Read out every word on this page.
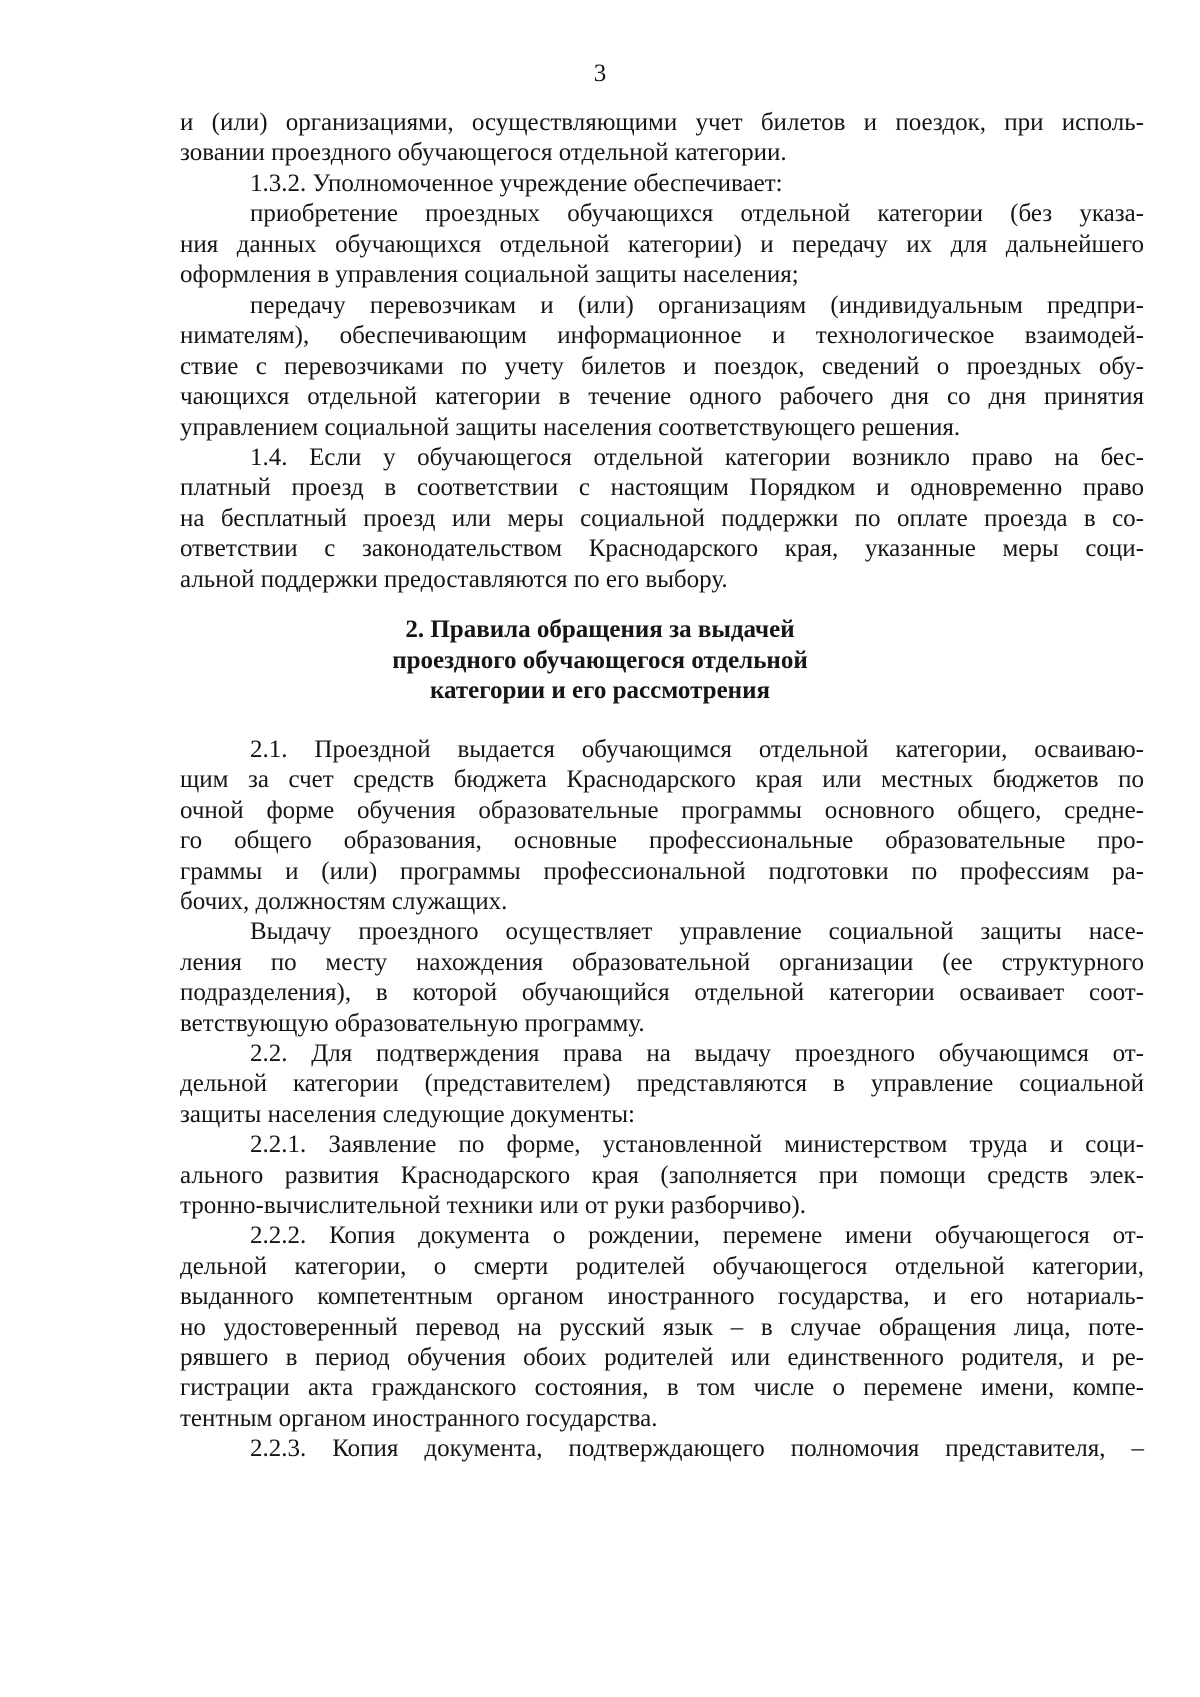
3
и (или) организациями, осуществляющими учет билетов и поездок, при исполь-
зовании проездного обучающегося отдельной категории.
1.3.2. Уполномоченное учреждение обеспечивает:
приобретение проездных обучающихся отдельной категории (без указа-
ния данных обучающихся отдельной категории) и передачу их для дальнейшего
оформления в управления социальной защиты населения;
передачу перевозчикам и (или) организациям (индивидуальным предпри-
нимателям), обеспечивающим информационное и технологическое взаимодей-
ствие с перевозчиками по учету билетов и поездок, сведений о проездных обу-
чающихся отдельной категории в течение одного рабочего дня со дня принятия
управлением социальной защиты населения соответствующего решения.
1.4. Если у обучающегося отдельной категории возникло право на бес-
платный проезд в соответствии с настоящим Порядком и одновременно право
на бесплатный проезд или меры социальной поддержки по оплате проезда в со-
ответствии с законодательством Краснодарского края, указанные меры соци-
альной поддержки предоставляются по его выбору.
2. Правила обращения за выдачей
проездного обучающегося отдельной
категории и его рассмотрения
2.1. Проездной выдается обучающимся отдельной категории, осваиваю-
щим за счет средств бюджета Краснодарского края или местных бюджетов по
очной форме обучения образовательные программы основного общего, средне-
го общего образования, основные профессиональные образовательные про-
граммы и (или) программы профессиональной подготовки по профессиям ра-
бочих, должностям служащих.
Выдачу проездного осуществляет управление социальной защиты насе-
ления по месту нахождения образовательной организации (ее структурного
подразделения), в которой обучающийся отдельной категории осваивает соот-
ветствующую образовательную программу.
2.2. Для подтверждения права на выдачу проездного обучающимся от-
дельной категории (представителем) представляются в управление социальной
защиты населения следующие документы:
2.2.1. Заявление по форме, установленной министерством труда и соци-
ального развития Краснодарского края (заполняется при помощи средств элек-
тронно-вычислительной техники или от руки разборчиво).
2.2.2. Копия документа о рождении, перемене имени обучающегося от-
дельной категории, о смерти родителей обучающегося отдельной категории,
выданного компетентным органом иностранного государства, и его нотариаль-
но удостоверенный перевод на русский язык – в случае обращения лица, поте-
рявшего в период обучения обоих родителей или единственного родителя, и ре-
гистрации акта гражданского состояния, в том числе о перемене имени, компе-
тентным органом иностранного государства.
2.2.3. Копия документа, подтверждающего полномочия представителя, –
